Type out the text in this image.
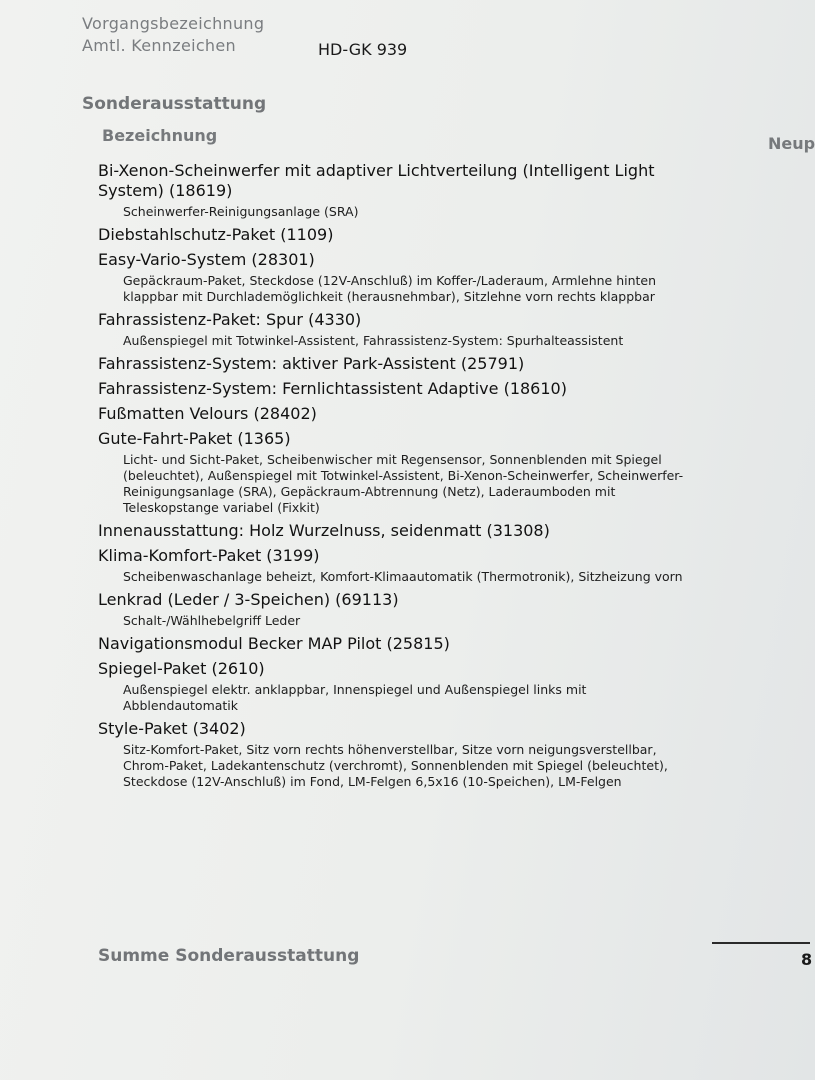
Vorgangsbezeichnung
Amtl. Kennzeichen	HD-GK 939
Sonderausstattung
Bezeichnung	Neup
Bi-Xenon-Scheinwerfer mit adaptiver Lichtverteilung (Intelligent Light System) (18619)
Scheinwerfer-Reinigungsanlage (SRA)
Diebstahlschutz-Paket (1109)
Easy-Vario-System (28301)
Gepäckraum-Paket, Steckdose (12V-Anschluß) im Koffer-/Laderaum, Armlehne hinten klappbar mit Durchlademöglichkeit (herausnehmbar), Sitzlehne vorn rechts klappbar
Fahrassistenz-Paket: Spur (4330)
Außenspiegel mit Totwinkel-Assistent, Fahrassistenz-System: Spurhalteassistent
Fahrassistenz-System: aktiver Park-Assistent (25791)
Fahrassistenz-System: Fernlichtassistent Adaptive (18610)
Fußmatten Velours (28402)
Gute-Fahrt-Paket (1365)
Licht- und Sicht-Paket, Scheibenwischer mit Regensensor, Sonnenblenden mit Spiegel (beleuchtet), Außenspiegel mit Totwinkel-Assistent, Bi-Xenon-Scheinwerfer, Scheinwerfer-Reinigungsanlage (SRA), Gepäckraum-Abtrennung (Netz), Laderaumboden mit Teleskopstange variabel (Fixkit)
Innenausstattung: Holz Wurzelnuss, seidenmatt (31308)
Klima-Komfort-Paket (3199)
Scheibenwaschanlage beheizt, Komfort-Klimaautomatik (Thermotronik), Sitzheizung vorn
Lenkrad (Leder / 3-Speichen) (69113)
Schalt-/Wählhebelgriff Leder
Navigationsmodul Becker MAP Pilot (25815)
Spiegel-Paket (2610)
Außenspiegel elektr. anklappbar, Innenspiegel und Außenspiegel links mit Abblendautomatik
Style-Paket (3402)
Sitz-Komfort-Paket, Sitz vorn rechts höhenverstellbar, Sitze vorn neigungsverstellbar, Chrom-Paket, Ladekantenschutz (verchromt), Sonnenblenden mit Spiegel (beleuchtet), Steckdose (12V-Anschluß) im Fond, LM-Felgen 6,5x16 (10-Speichen), LM-Felgen
Summe Sonderausstattung	8
